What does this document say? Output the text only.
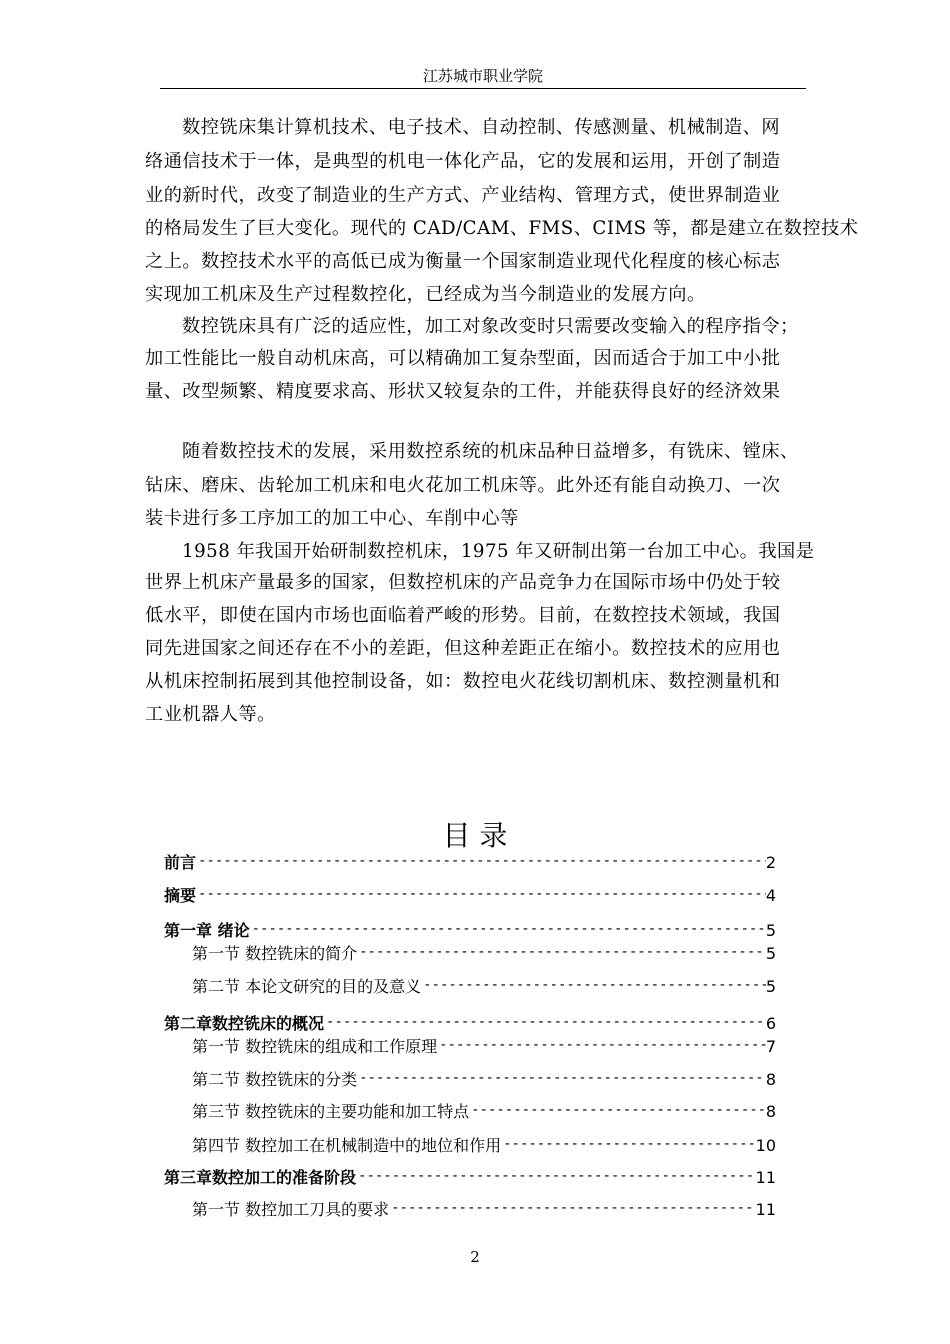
江苏城市职业学院
数控铣床集计算机技术、电子技术、自动控制、传感测量、机械制造、网
络通信技术于一体，是典型的机电一体化产品，它的发展和运用，开创了制造
业的新时代，改变了制造业的生产方式、产业结构、管理方式，使世界制造业
的格局发生了巨大变化。现代的 CAD/CAM、FMS、CIMS 等，都是建立在数控技术
之上。数控技术水平的高低已成为衡量一个国家制造业现代化程度的核心标志
实现加工机床及生产过程数控化，已经成为当今制造业的发展方向。
数控铣床具有广泛的适应性，加工对象改变时只需要改变输入的程序指令；
加工性能比一般自动机床高，可以精确加工复杂型面，因而适合于加工中小批
量、改型频繁、精度要求高、形状又较复杂的工件，并能获得良好的经济效果
随着数控技术的发展，采用数控系统的机床品种日益增多，有铣床、镗床、
钻床、磨床、齿轮加工机床和电火花加工机床等。此外还有能自动换刀、一次
装卡进行多工序加工的加工中心、车削中心等
1958 年我国开始研制数控机床，1975 年又研制出第一台加工中心。我国是
世界上机床产量最多的国家，但数控机床的产品竞争力在国际市场中仍处于较
低水平，即使在国内市场也面临着严峻的形势。目前，在数控技术领域，我国
同先进国家之间还存在不小的差距，但这种差距正在缩小。数控技术的应用也
从机床控制拓展到其他控制设备，如：数控电火花线切割机床、数控测量机和
工业机器人等。
目 录
前言 -----	2
摘要 -----	4
第一章 绪论 -----	5
第一节 数控铣床的简介 -----	5
第二节 本论文研究的目的及意义 -----	5
第二章数控铣床的概况 -----	6
第一节 数控铣床的组成和工作原理 -----	7
第二节 数控铣床的分类 -----	8
第三节 数控铣床的主要功能和加工特点 -----	8
第四节 数控加工在机械制造中的地位和作用 -----	10
第三章数控加工的准备阶段 -----	11
第一节 数控加工刀具的要求 -----	11
2
